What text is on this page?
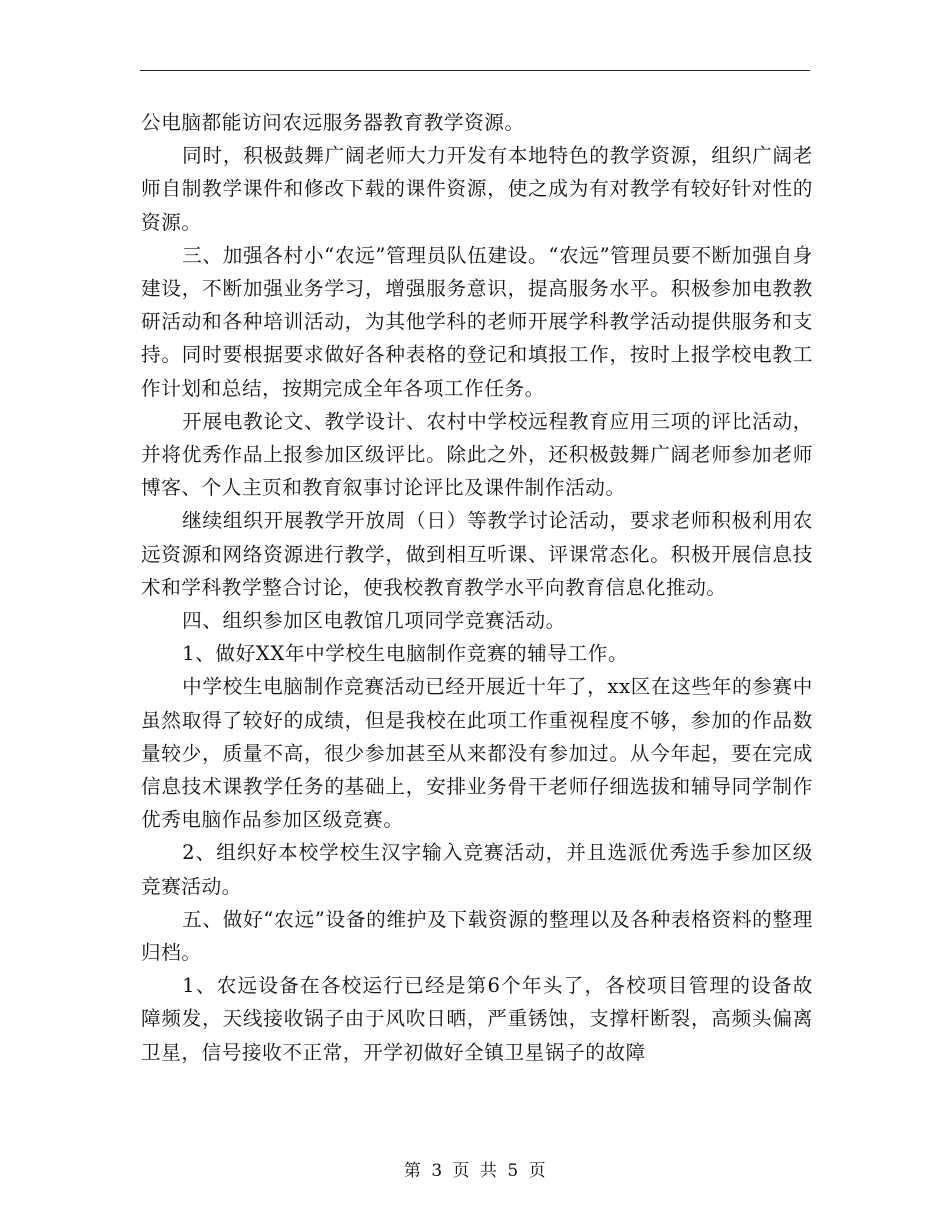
公电脑都能访问农远服务器教育教学资源。

同时，积极鼓舞广阔老师大力开发有本地特色的教学资源，组织广阔老师自制教学课件和修改下载的课件资源，使之成为有对教学有较好针对性的资源。

三、加强各村小“农远”管理员队伍建设。“农远”管理员要不断加强自身建设，不断加强业务学习，增强服务意识，提高服务水平。积极参加电教教研活动和各种培训活动，为其他学科的老师开展学科教学活动提供服务和支持。同时要根据要求做好各种表格的登记和填报工作，按时上报学校电教工作计划和总结，按期完成全年各项工作任务。

开展电教论文、教学设计、农村中学校远程教育应用三项的评比活动，并将优秀作品上报参加区级评比。除此之外，还积极鼓舞广阔老师参加老师博客、个人主页和教育叙事讨论评比及课件制作活动。

继续组织开展教学开放周（日）等教学讨论活动，要求老师积极利用农远资源和网络资源进行教学，做到相互听课、评课常态化。积极开展信息技术和学科教学整合讨论，使我校教育教学水平向教育信息化推动。

四、组织参加区电教馆几项同学竞赛活动。

1、做好XX年中学校生电脑制作竞赛的辅导工作。

中学校生电脑制作竞赛活动已经开展近十年了，xx区在这些年的参赛中虽然取得了较好的成绩，但是我校在此项工作重视程度不够，参加的作品数量较少，质量不高，很少参加甚至从来都没有参加过。从今年起，要在完成信息技术课教学任务的基础上，安排业务骨干老师仔细选拔和辅导同学制作优秀电脑作品参加区级竞赛。

2、组织好本校学校生汉字输入竞赛活动，并且选派优秀选手参加区级竞赛活动。

五、做好“农远”设备的维护及下载资源的整理以及各种表格资料的整理归档。

1、农远设备在各校运行已经是第6个年头了，各校项目管理的设备故障频发，天线接收锅子由于风吹日晒，严重锈蚀，支撑杆断裂，高频头偏离卫星，信号接收不正常，开学初做好全镇卫星锅子的故障

第 3 页 共 5 页
